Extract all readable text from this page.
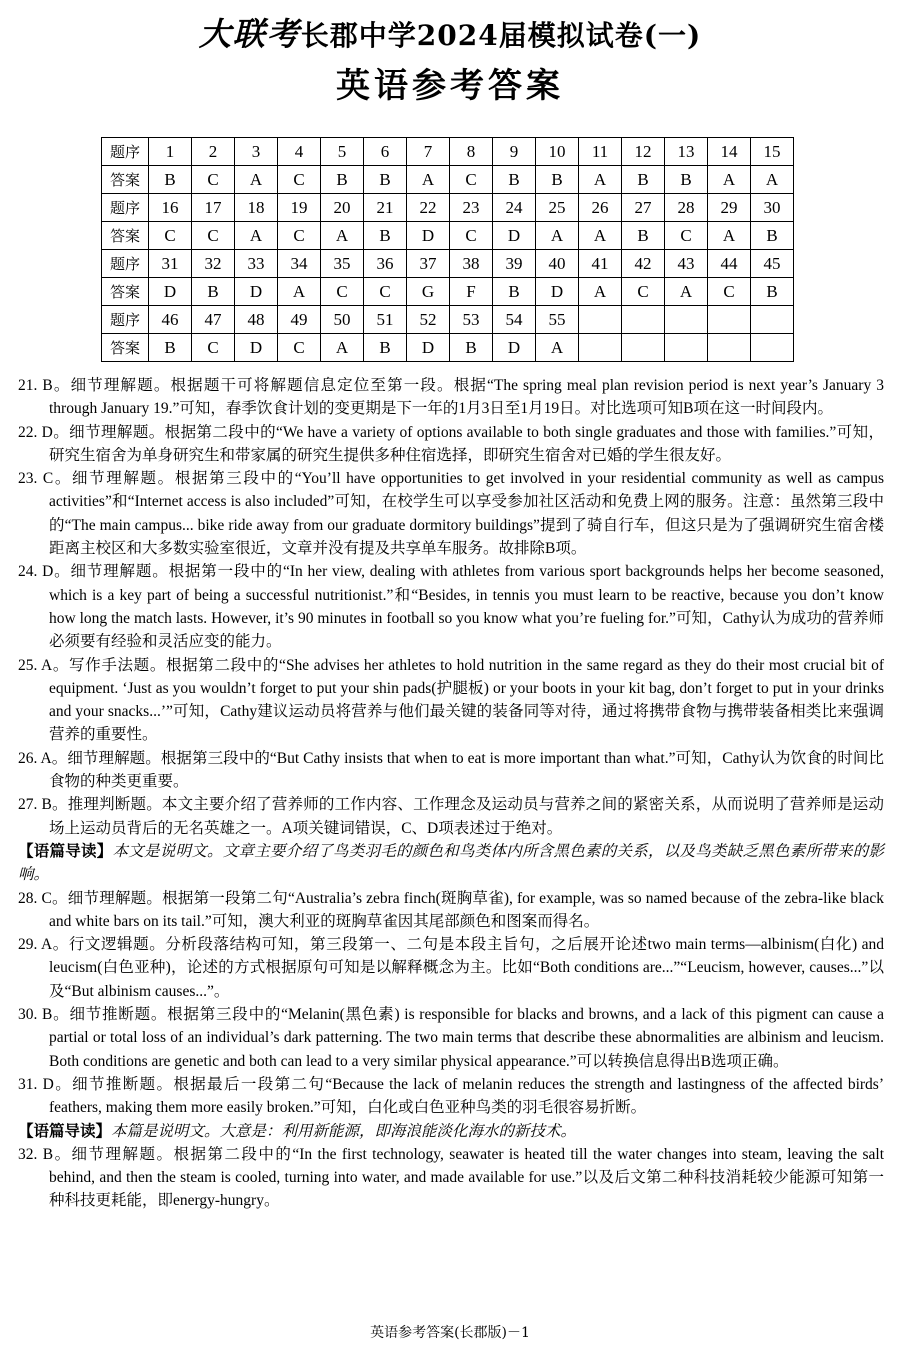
大联考长郡中学2024届模拟试卷(一)
英语参考答案
题序	1	2	3	4	5	6	7	8	9	10	11	12	13	14	15
答案	B	C	A	C	B	B	A	C	B	B	A	B	B	A	A
题序	16	17	18	19	20	21	22	23	24	25	26	27	28	29	30
答案	C	C	A	C	A	B	D	C	D	A	A	B	C	A	B
题序	31	32	33	34	35	36	37	38	39	40	41	42	43	44	45
答案	D	B	D	A	C	C	G	F	B	D	A	C	A	C	B
题序	46	47	48	49	50	51	52	53	54	55					
答案	B	C	D	C	A	B	D	B	D	A					
21. B。细节理解题。根据题干可将解题信息定位至第一段。根据“The spring meal plan revision period is next year’s January 3 through January 19.”可知，春季饮食计划的变更期是下一年的1月3日至1月19日。对比选项可知B项在这一时间段内。
22. D。细节理解题。根据第二段中的“We have a variety of options available to both single graduates and those with families.”可知，研究生宿舍为单身研究生和带家属的研究生提供多种住宿选择，即研究生宿舍对已婚的学生很友好。
23. C。细节理解题。根据第三段中的“You’ll have opportunities to get involved in your residential community as well as campus activities”和“Internet access is also included”可知，在校学生可以享受参加社区活动和免费上网的服务。注意：虽然第三段中的“The main campus... bike ride away from our graduate dormitory buildings”提到了骑自行车，但这只是为了强调研究生宿舍楼距离主校区和大多数实验室很近，文章并没有提及共享单车服务。故排除B项。
24. D。细节理解题。根据第一段中的“In her view, dealing with athletes from various sport backgrounds helps her become seasoned, which is a key part of being a successful nutritionist.”和“Besides, in tennis you must learn to be reactive, because you don’t know how long the match lasts. However, it’s 90 minutes in football so you know what you’re fueling for.”可知，Cathy认为成功的营养师必须要有经验和灵活应变的能力。
25. A。写作手法题。根据第二段中的“She advises her athletes to hold nutrition in the same regard as they do their most crucial bit of equipment. ‘Just as you wouldn’t forget to put your shin pads(护腿板) or your boots in your kit bag, don’t forget to put in your drinks and your snacks...’”可知，Cathy建议运动员将营养与他们最关键的装备同等对待，通过将携带食物与携带装备相类比来强调营养的重要性。
26. A。细节理解题。根据第三段中的“But Cathy insists that when to eat is more important than what.”可知，Cathy认为饮食的时间比食物的种类更重要。
27. B。推理判断题。本文主要介绍了营养师的工作内容、工作理念及运动员与营养之间的紧密关系，从而说明了营养师是运动场上运动员背后的无名英雄之一。A项关键词错误，C、D项表述过于绝对。
【语篇导读】本文是说明文。文章主要介绍了鸟类羽毛的颜色和鸟类体内所含黑色素的关系，以及鸟类缺乏黑色素所带来的影响。
28. C。细节理解题。根据第一段第二句“Australia’s zebra finch(斑胸草雀), for example, was so named because of the zebra-like black and white bars on its tail.”可知，澳大利亚的斑胸草雀因其尾部颜色和图案而得名。
29. A。行文逻辑题。分析段落结构可知，第三段第一、二句是本段主旨句，之后展开论述two main terms—albinism(白化) and leucism(白色亚种)，论述的方式根据原句可知是以解释概念为主。比如“Both conditions are...”“Leucism, however, causes...”以及“But albinism causes...”。
30. B。细节推断题。根据第三段中的“Melanin(黑色素) is responsible for blacks and browns, and a lack of this pigment can cause a partial or total loss of an individual’s dark patterning. The two main terms that describe these abnormalities are albinism and leucism. Both conditions are genetic and both can lead to a very similar physical appearance.”可以转换信息得出B选项正确。
31. D。细节推断题。根据最后一段第二句“Because the lack of melanin reduces the strength and lastingness of the affected birds’ feathers, making them more easily broken.”可知，白化或白色亚种鸟类的羽毛很容易折断。
【语篇导读】本篇是说明文。大意是：利用新能源，即海浪能淡化海水的新技术。
32. B。细节理解题。根据第二段中的“In the first technology, seawater is heated till the water changes into steam, leaving the salt behind, and then the steam is cooled, turning into water, and made available for use.”以及后文第二种科技消耗较少能源可知第一种科技更耗能，即energy-hungry。
英语参考答案(长郡版)－1
